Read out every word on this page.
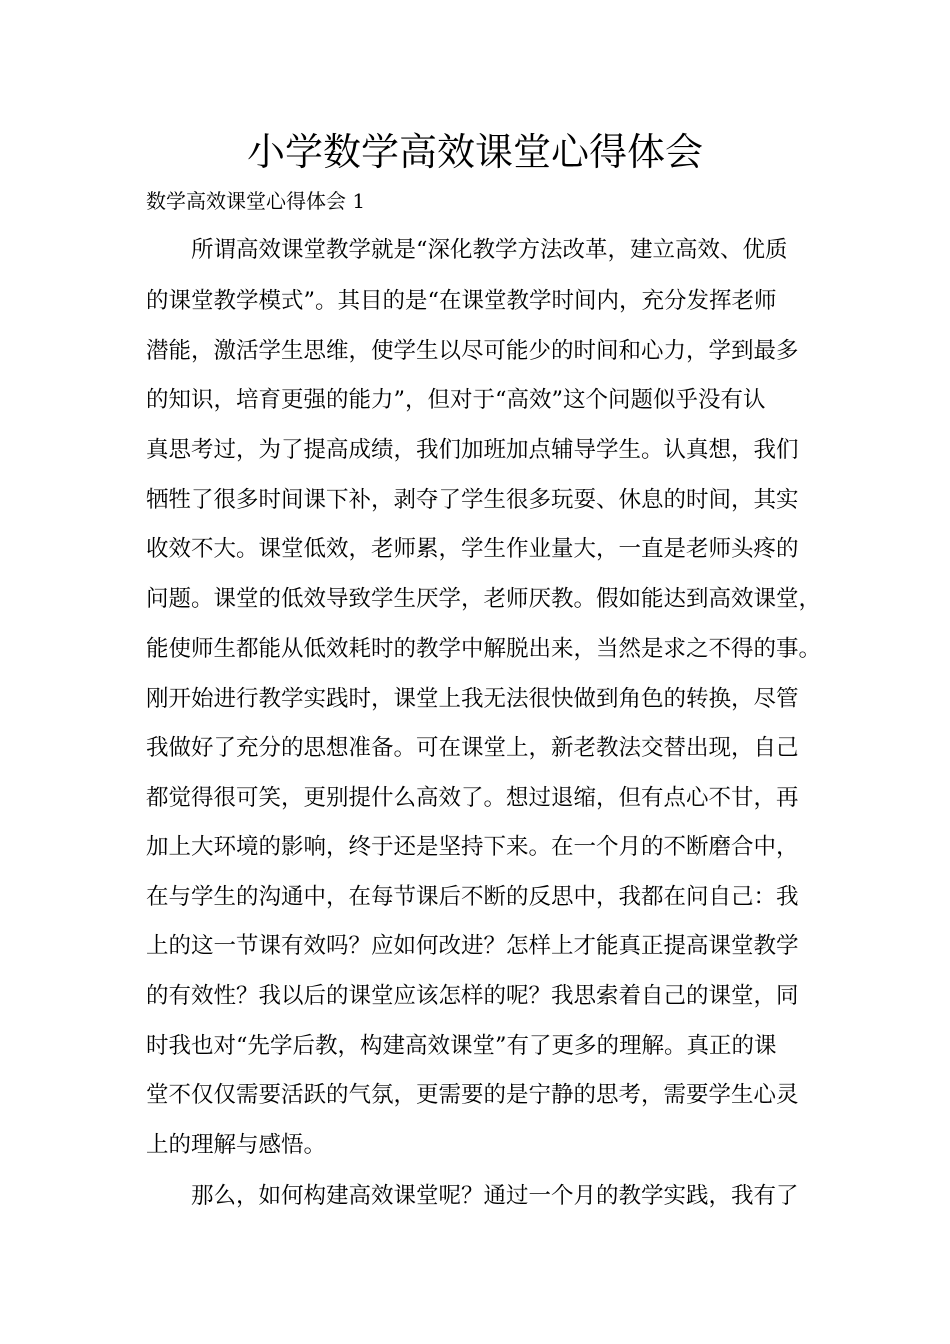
小学数学高效课堂心得体会
数学高效课堂心得体会 1
所谓高效课堂教学就是“深化教学方法改革，建立高效、优质
的课堂教学模式”。其目的是“在课堂教学时间内，充分发挥老师
潜能，激活学生思维，使学生以尽可能少的时间和心力，学到最多
的知识，培育更强的能力”，但对于“高效”这个问题似乎没有认
真思考过，为了提高成绩，我们加班加点辅导学生。认真想，我们
牺牲了很多时间课下补，剥夺了学生很多玩耍、休息的时间，其实
收效不大。课堂低效，老师累，学生作业量大，一直是老师头疼的
问题。课堂的低效导致学生厌学，老师厌教。假如能达到高效课堂，
能使师生都能从低效耗时的教学中解脱出来，当然是求之不得的事。
刚开始进行教学实践时，课堂上我无法很快做到角色的转换，尽管
我做好了充分的思想准备。可在课堂上，新老教法交替出现，自己
都觉得很可笑，更别提什么高效了。想过退缩，但有点心不甘，再
加上大环境的影响，终于还是坚持下来。在一个月的不断磨合中，
在与学生的沟通中，在每节课后不断的反思中，我都在问自己：我
上的这一节课有效吗？应如何改进？怎样上才能真正提高课堂教学
的有效性？我以后的课堂应该怎样的呢？我思索着自己的课堂，同
时我也对“先学后教，构建高效课堂”有了更多的理解。真正的课
堂不仅仅需要活跃的气氛，更需要的是宁静的思考，需要学生心灵
上的理解与感悟。
那么，如何构建高效课堂呢？通过一个月的教学实践，我有了
